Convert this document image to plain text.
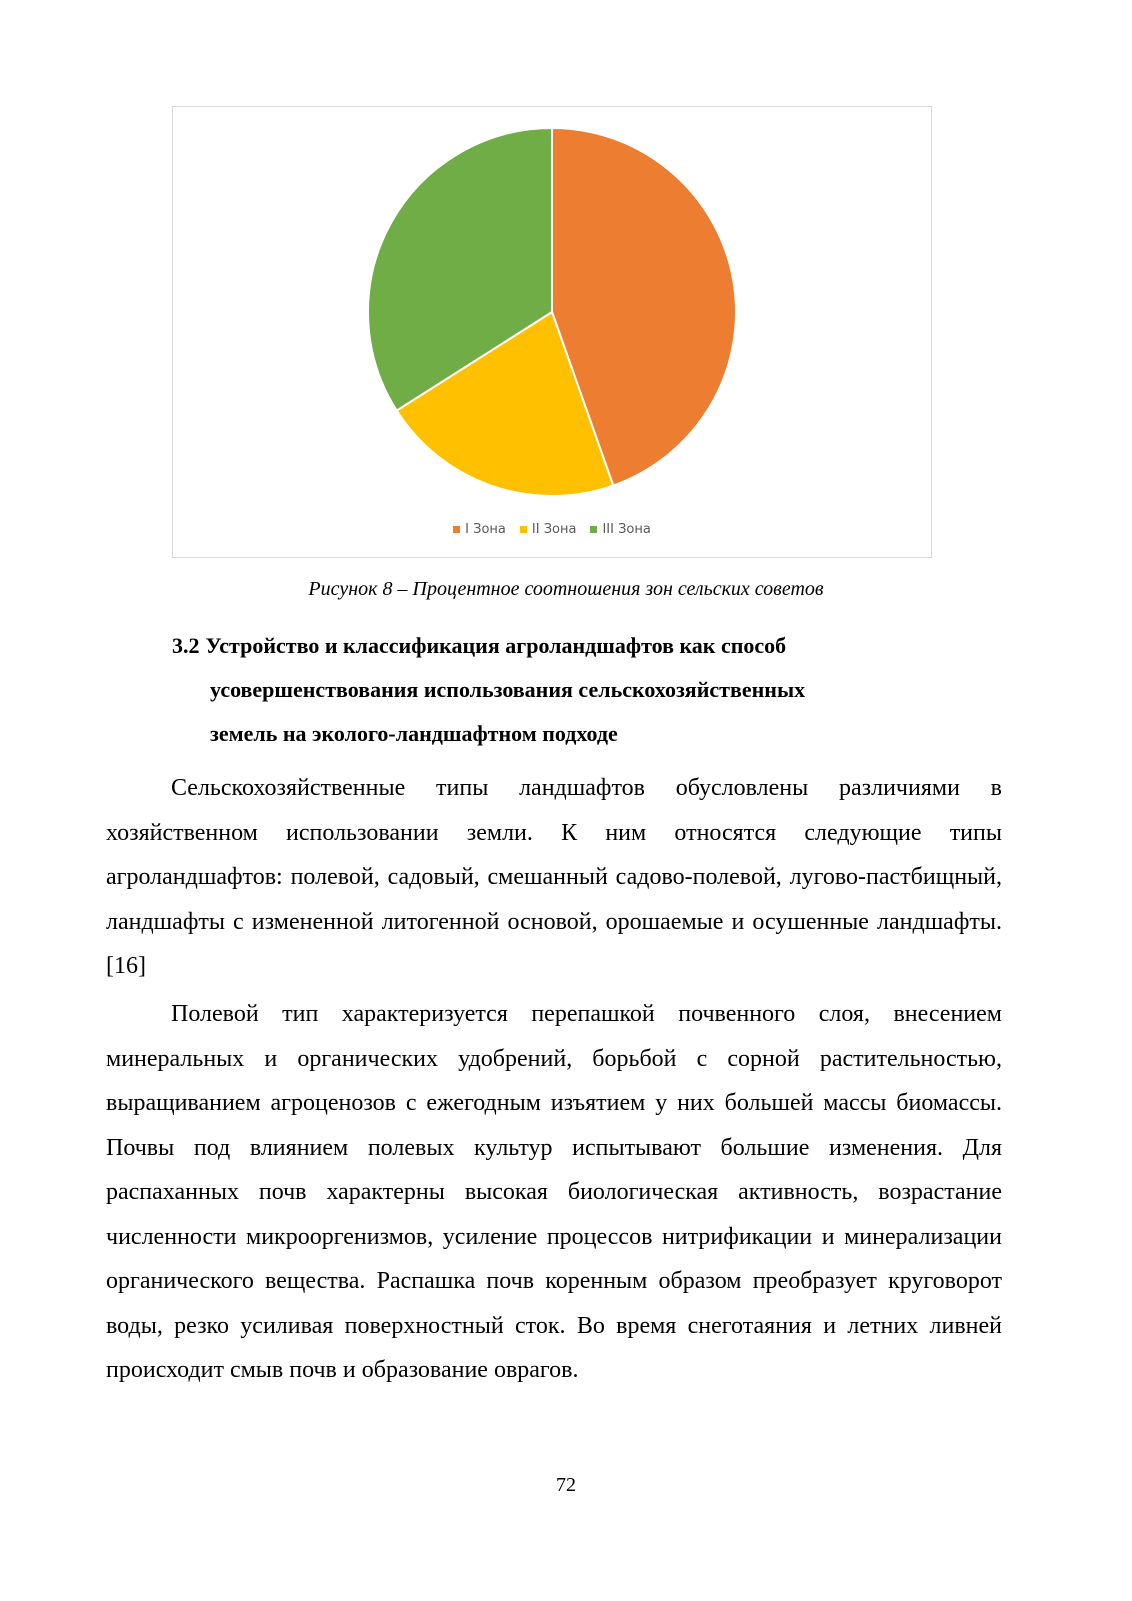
I Зона II Зона III Зона
Рисунок 8 – Процентное соотношения зон сельских советов
3.2 Устройство и классификация агроландшафтов как способ
усовершенствования использования сельскохозяйственных
земель на эколого-ландшафтном подходе

Сельскохозяйственные типы ландшафтов обусловлены различиями в хозяйственном использовании земли. К ним относятся следующие типы агроландшафтов: полевой, садовый, смешанный садово-полевой, лугово-пастбищный, ландшафты с измененной литогенной основой, орошаемые и осушенные ландшафты.[16]

Полевой тип характеризуется перепашкой почвенного слоя, внесением минеральных и органических удобрений, борьбой с сорной растительностью, выращиванием агроценозов с ежегодным изъятием у них большей массы биомассы. Почвы под влиянием полевых культур испытывают большие изменения. Для распаханных почв характерны высокая биологическая активность, возрастание численности микрооргенизмов, усиление процессов нитрификации и минерализации органического вещества. Распашка почв коренным образом преобразует круговорот воды, резко усиливая поверхностный сток. Во время снеготаяния и летних ливней происходит смыв почв и образование оврагов.

72
